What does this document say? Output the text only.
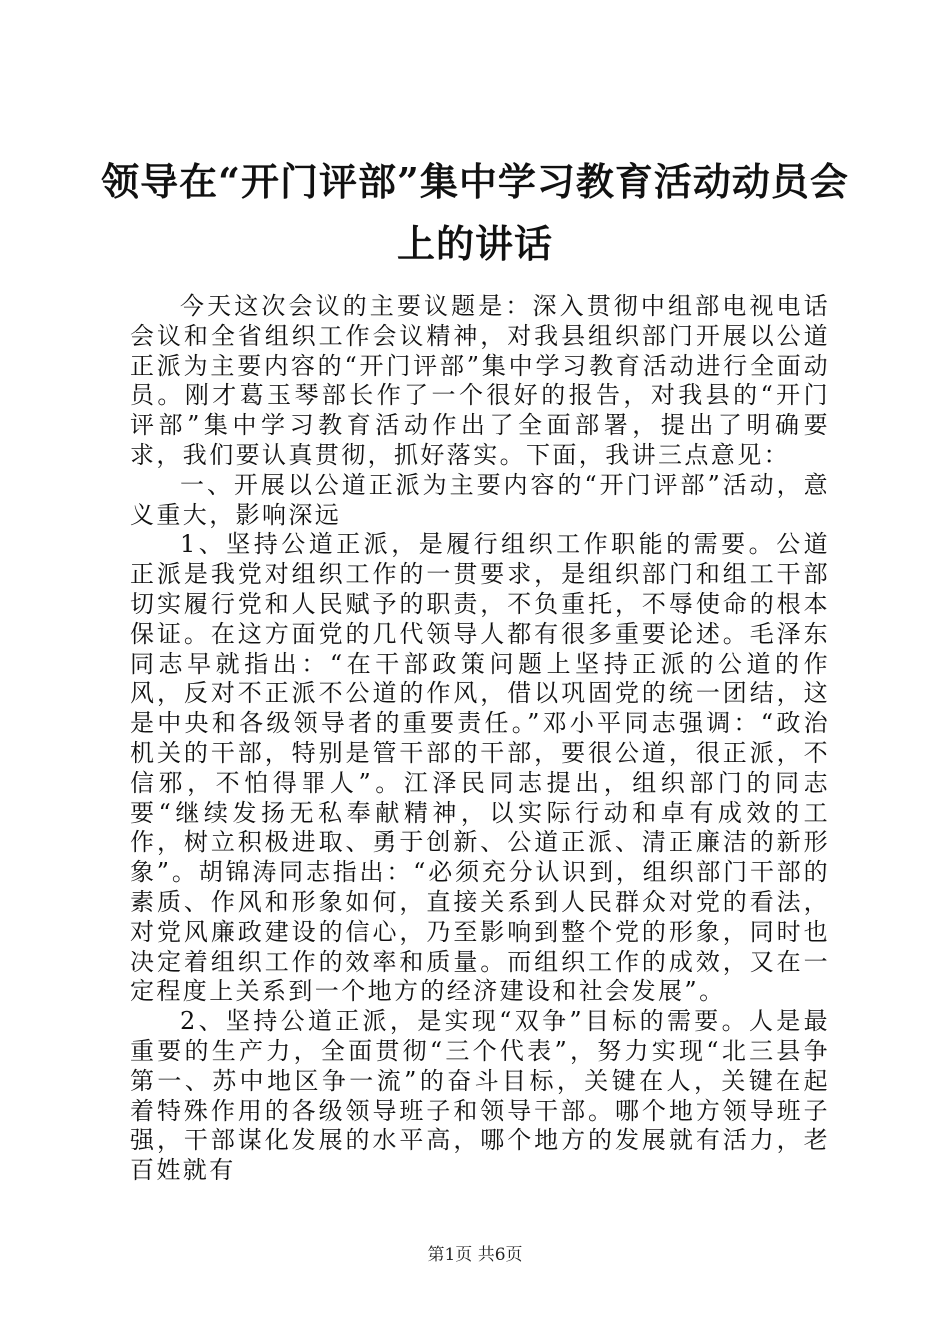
领导在“开门评部”集中学习教育活动动员会
上的讲话

今天这次会议的主要议题是：深入贯彻中组部电视电话会议和全省组织工作会议精神，对我县组织部门开展以公道正派为主要内容的“开门评部”集中学习教育活动进行全面动员。刚才葛玉琴部长作了一个很好的报告，对我县的“开门评部”集中学习教育活动作出了全面部署，提出了明确要求，我们要认真贯彻，抓好落实。下面，我讲三点意见：

一、开展以公道正派为主要内容的“开门评部”活动，意义重大，影响深远

1、坚持公道正派，是履行组织工作职能的需要。公道正派是我党对组织工作的一贯要求，是组织部门和组工干部切实履行党和人民赋予的职责，不负重托，不辱使命的根本保证。在这方面党的几代领导人都有很多重要论述。毛泽东同志早就指出：“在干部政策问题上坚持正派的公道的作风，反对不正派不公道的作风，借以巩固党的统一团结，这是中央和各级领导者的重要责任。”邓小平同志强调：“政治机关的干部，特别是管干部的干部，要很公道，很正派，不信邪，不怕得罪人”。江泽民同志提出，组织部门的同志要“继续发扬无私奉献精神，以实际行动和卓有成效的工作，树立积极进取、勇于创新、公道正派、清正廉洁的新形象”。胡锦涛同志指出：“必须充分认识到，组织部门干部的素质、作风和形象如何，直接关系到人民群众对党的看法，对党风廉政建设的信心，乃至影响到整个党的形象，同时也决定着组织工作的效率和质量。而组织工作的成效，又在一定程度上关系到一个地方的经济建设和社会发展”。

2、坚持公道正派，是实现“双争”目标的需要。人是最重要的生产力，全面贯彻“三个代表”，努力实现“北三县争第一、苏中地区争一流”的奋斗目标，关键在人，关键在起着特殊作用的各级领导班子和领导干部。哪个地方领导班子强，干部谋化发展的水平高，哪个地方的发展就有活力，老百姓就有

第1页 共6页
